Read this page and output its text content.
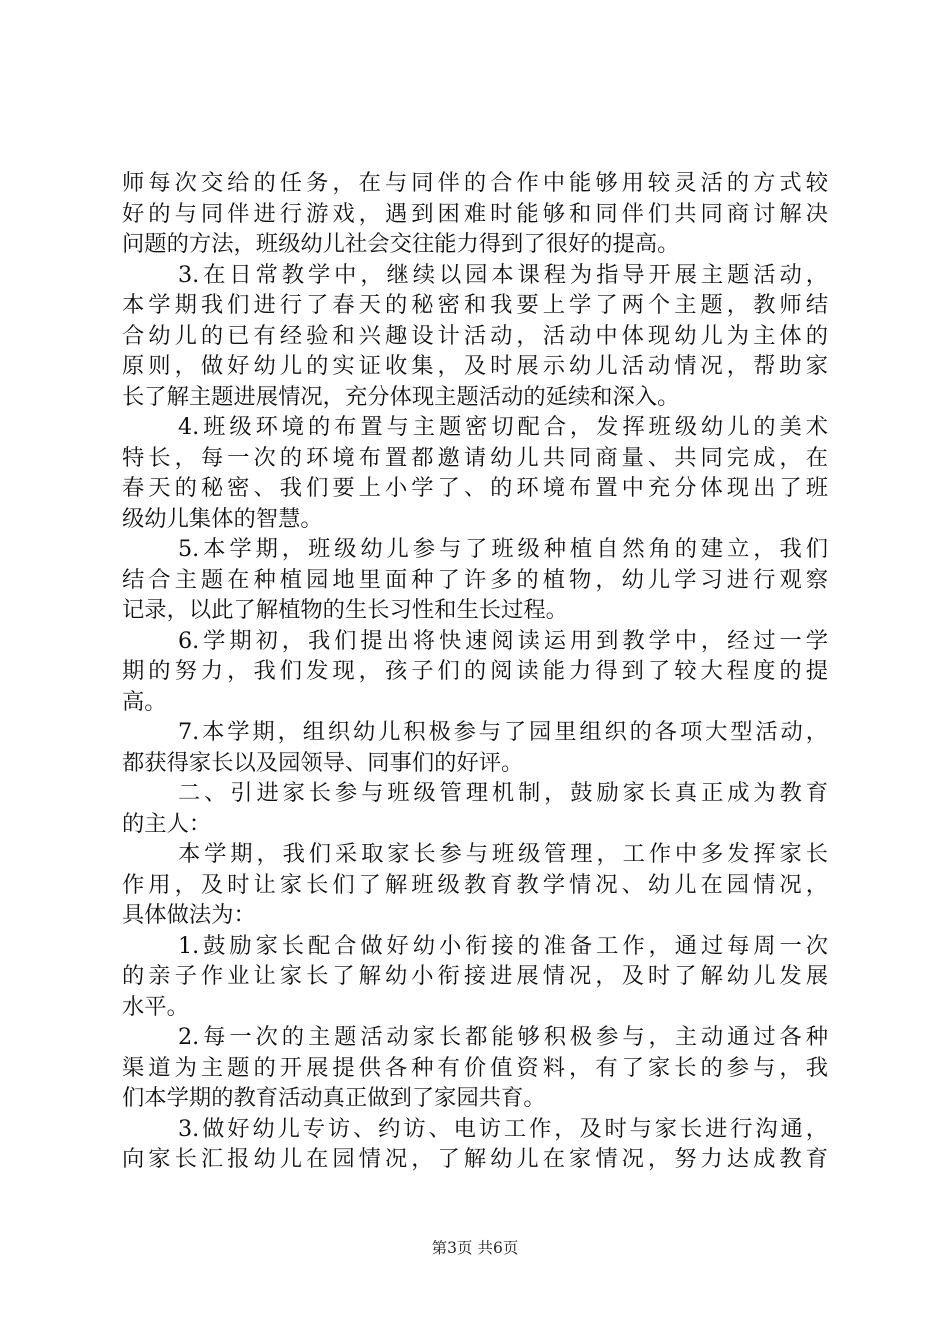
师每次交给的任务，在与同伴的合作中能够用较灵活的方式较
好的与同伴进行游戏，遇到困难时能够和同伴们共同商讨解决
问题的方法，班级幼儿社会交往能力得到了很好的提高。
3.在日常教学中，继续以园本课程为指导开展主题活动，
本学期我们进行了春天的秘密和我要上学了两个主题，教师结
合幼儿的已有经验和兴趣设计活动，活动中体现幼儿为主体的
原则，做好幼儿的实证收集，及时展示幼儿活动情况，帮助家
长了解主题进展情况，充分体现主题活动的延续和深入。
4.班级环境的布置与主题密切配合，发挥班级幼儿的美术
特长，每一次的环境布置都邀请幼儿共同商量、共同完成，在
春天的秘密、我们要上小学了、的环境布置中充分体现出了班
级幼儿集体的智慧。
5.本学期，班级幼儿参与了班级种植自然角的建立，我们
结合主题在种植园地里面种了许多的植物，幼儿学习进行观察
记录，以此了解植物的生长习性和生长过程。
6.学期初，我们提出将快速阅读运用到教学中，经过一学
期的努力，我们发现，孩子们的阅读能力得到了较大程度的提
高。
7.本学期，组织幼儿积极参与了园里组织的各项大型活动，
都获得家长以及园领导、同事们的好评。
二、引进家长参与班级管理机制，鼓励家长真正成为教育
的主人：
本学期，我们采取家长参与班级管理，工作中多发挥家长
作用，及时让家长们了解班级教育教学情况、幼儿在园情况，
具体做法为：
1.鼓励家长配合做好幼小衔接的准备工作，通过每周一次
的亲子作业让家长了解幼小衔接进展情况，及时了解幼儿发展
水平。
2.每一次的主题活动家长都能够积极参与，主动通过各种
渠道为主题的开展提供各种有价值资料，有了家长的参与，我
们本学期的教育活动真正做到了家园共育。
3.做好幼儿专访、约访、电访工作，及时与家长进行沟通，
向家长汇报幼儿在园情况，了解幼儿在家情况，努力达成教育
第3页 共6页
